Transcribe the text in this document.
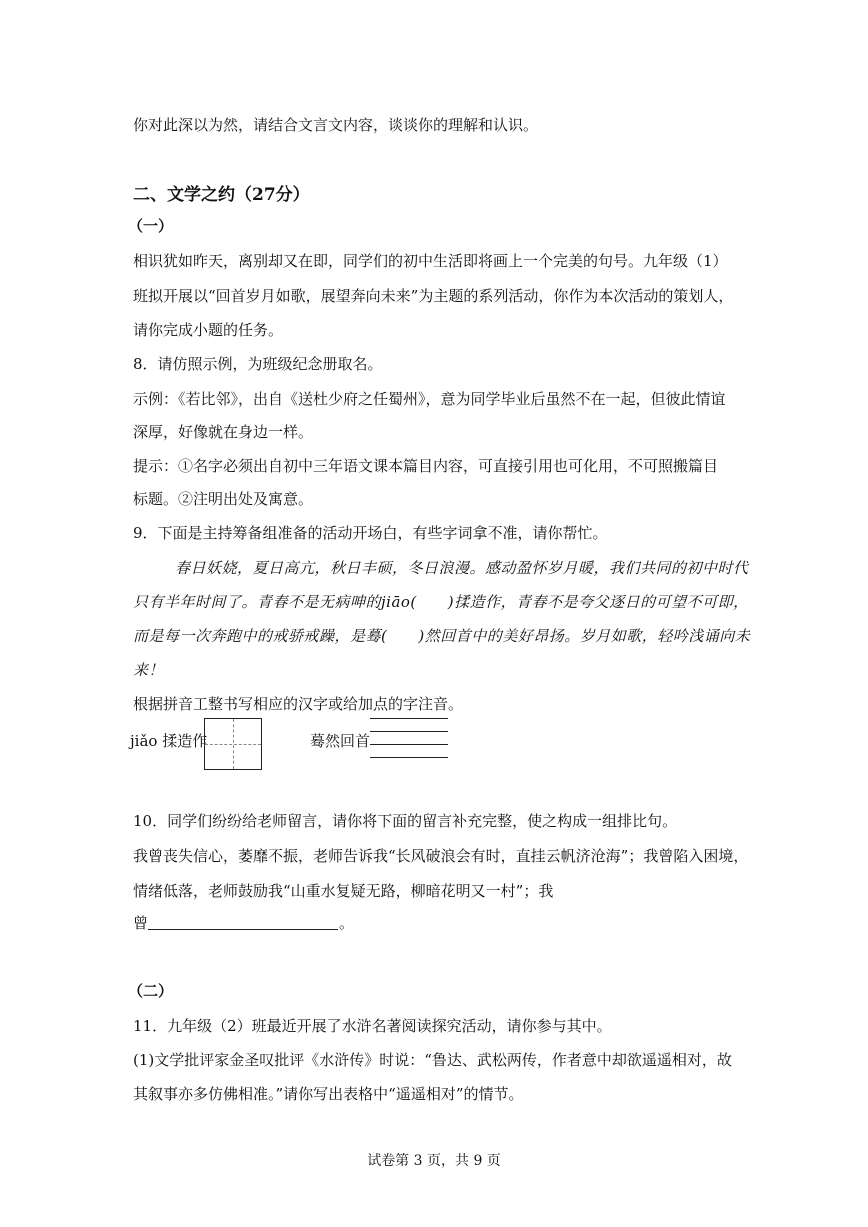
你对此深以为然，请结合文言文内容，谈谈你的理解和认识。
二、文学之约（27分）
（一）
相识犹如昨天，离别却又在即，同学们的初中生活即将画上一个完美的句号。九年级（1）
班拟开展以“回首岁月如歌，展望奔向未来”为主题的系列活动，你作为本次活动的策划人，
请你完成小题的任务。
8．请仿照示例，为班级纪念册取名。
示例：《若比邻》，出自《送杜少府之任蜀州》，意为同学毕业后虽然不在一起，但彼此情谊
深厚，好像就在身边一样。
提示：①名字必须出自初中三年语文课本篇目内容，可直接引用也可化用，不可照搬篇目
标题。②注明出处及寓意。
9．下面是主持筹备组准备的活动开场白，有些字词拿不准，请你帮忙。
春日妖娆，夏日高亢，秋日丰硕，冬日浪漫。感动盈怀岁月暖，我们共同的初中时代
只有半年时间了。青春不是无病呻的jiāo(　　)揉造作，青春不是夸父逐日的可望不可即，
而是每一次奔跑中的戒骄戒躁，是蓦(　　)然回首中的美好昂扬。岁月如歌，轻吟浅诵向未
来！
根据拼音工整书写相应的汉字或给加点的字注音。
jiǎo 揉造作	蓦然回首
10．同学们纷纷给老师留言，请你将下面的留言补充完整，使之构成一组排比句。
我曾丧失信心，萎靡不振，老师告诉我“长风破浪会有时，直挂云帆济沧海”；我曾陷入困境，
情绪低落，老师鼓励我“山重水复疑无路，柳暗花明又一村”；我
曾	。
（二）
11．九年级（2）班最近开展了水浒名著阅读探究活动，请你参与其中。
(1)文学批评家金圣叹批评《水浒传》时说：“鲁达、武松两传，作者意中却欲遥遥相对，故
其叙事亦多仿佛相准。”请你写出表格中“遥遥相对”的情节。
试卷第 3 页，共 9 页
